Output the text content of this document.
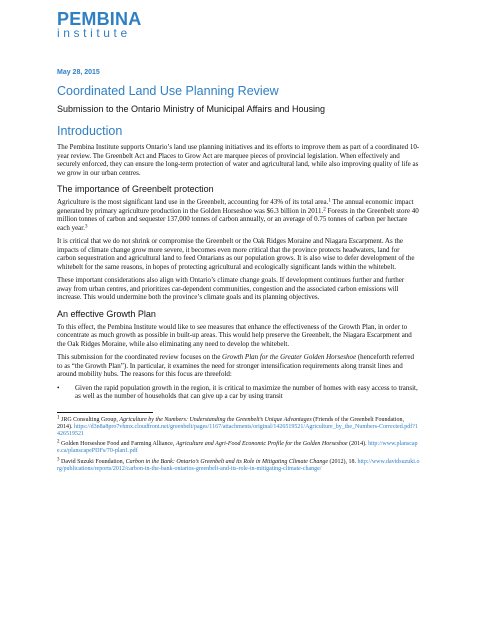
PEMBINA
institute
May 28, 2015
Coordinated Land Use Planning Review
Submission to the Ontario Ministry of Municipal Affairs and Housing
Introduction

The Pembina Institute supports Ontario’s land use planning initiatives and its efforts to improve them as part of a coordinated 10-year review. The Greenbelt Act and Places to Grow Act are marquee pieces of provincial legislation. When effectively and securely enforced, they can ensure the long-term protection of water and agricultural land, while also improving quality of life as we grow in our urban centres.

The importance of Greenbelt protection

Agriculture is the most significant land use in the Greenbelt, accounting for 43% of its total area.$^1$ The annual economic impact generated by primary agriculture production in the Golden Horseshoe was $6.3 billion in 2011.$^2$ Forests in the Greenbelt store 40 million tonnes of carbon and sequester 137,000 tonnes of carbon annually, or an average of 0.75 tonnes of carbon per hectare each year.$^3$

It is critical that we do not shrink or compromise the Greenbelt or the Oak Ridges Moraine and Niagara Escarpment. As the impacts of climate change grow more severe, it becomes even more critical that the province protects headwaters, land for carbon sequestration and agricultural land to feed Ontarians as our population grows. It is also wise to defer development of the whitebelt for the same reasons, in hopes of protecting agricultural and ecologically significant lands within the whitebelt.

These important considerations also align with Ontario’s climate change goals. If development continues further and further away from urban centres, and prioritizes car-dependent communities, congestion and the associated carbon emissions will increase. This would undermine both the province’s climate goals and its planning objectives.

An effective Growth Plan

To this effect, the Pembina Institute would like to see measures that enhance the effectiveness of the Growth Plan, in order to concentrate as much growth as possible in built-up areas. This would help preserve the Greenbelt, the Niagara Escarpment and the Oak Ridges Moraine, while also eliminating any need to develop the whitebelt.

This submission for the coordinated review focuses on the Growth Plan for the Greater Golden Horseshoe (henceforth referred to as “the Growth Plan”). In particular, it examines the need for stronger intensification requirements along transit lines and around mobility hubs. The reasons for this focus are threefold:

•	Given the rapid population growth in the region, it is critical to maximize the number of homes with easy access to transit, as well as the number of households that can give up a car by using transit
$^1$ JRG Consulting Group, Agriculture by the Numbers: Understanding the Greenbelt’s Unique Advantages (Friends of the Greenbelt Foundation, 2014). https://d3n8a8pro7vhmx.cloudfront.net/greenbelt/pages/1167/attachments/original/1426519521/Agriculture_by_the_Numbers-Corrected.pdf?1426519521
$^2$ Golden Horseshoe Food and Farming Alliance, Agriculture and Agri-Food Economic Profile for the Golden Horseshoe (2014). http://www.planscape.ca/planscapePDFs/70-plan1.pdf
$^3$ David Suzuki Foundation, Carbon in the Bank: Ontario’s Greenbelt and its Role in Mitigating Climate Change (2012), 18. http://www.davidsuzuki.org/publications/reports/2012/carbon-in-the-bank-ontarios-greenbelt-and-its-role-in-mitigating-climate-change/
